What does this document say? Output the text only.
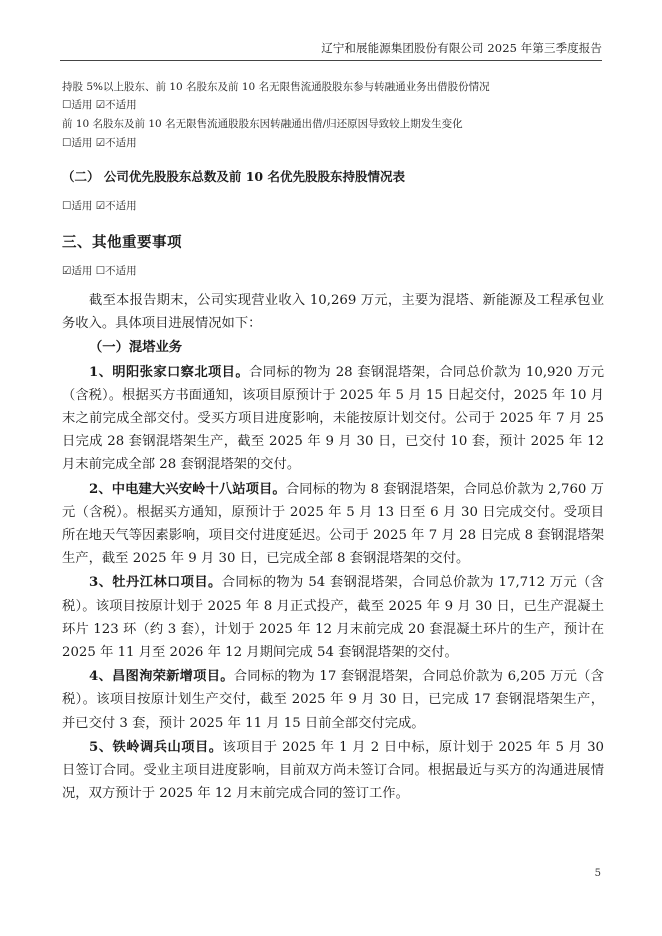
辽宁和展能源集团股份有限公司 2025 年第三季度报告
持股 5%以上股东、前 10 名股东及前 10 名无限售流通股股东参与转融通业务出借股份情况
☐适用 ☑不适用
前 10 名股东及前 10 名无限售流通股股东因转融通出借/归还原因导致较上期发生变化
☐适用 ☑不适用
（二） 公司优先股股东总数及前 10 名优先股股东持股情况表
☐适用 ☑不适用
三、其他重要事项
☑适用 ☐不适用

截至本报告期末，公司实现营业收入 10,269 万元，主要为混塔、新能源及工程承包业务收入。具体项目进展情况如下：

（一）混塔业务

1、明阳张家口察北项目。合同标的物为 28 套钢混塔架，合同总价款为 10,920 万元（含税）。根据买方书面通知，该项目原预计于 2025 年 5 月 15 日起交付，2025 年 10 月末之前完成全部交付。受买方项目进度影响，未能按原计划交付。公司于 2025 年 7 月 25 日完成 28 套钢混塔架生产，截至 2025 年 9 月 30 日，已交付 10 套，预计 2025 年 12 月末前完成全部 28 套钢混塔架的交付。

2、中电建大兴安岭十八站项目。合同标的物为 8 套钢混塔架，合同总价款为 2,760 万元（含税）。根据买方通知，原预计于 2025 年 5 月 13 日至 6 月 30 日完成交付。受项目所在地天气等因素影响，项目交付进度延迟。公司于 2025 年 7 月 28 日完成 8 套钢混塔架生产，截至 2025 年 9 月 30 日，已完成全部 8 套钢混塔架的交付。

3、牡丹江林口项目。合同标的物为 54 套钢混塔架，合同总价款为 17,712 万元（含税）。该项目按原计划于 2025 年 8 月正式投产，截至 2025 年 9 月 30 日，已生产混凝土环片 123 环（约 3 套），计划于 2025 年 12 月末前完成 20 套混凝土环片的生产，预计在 2025 年 11 月至 2026 年 12 月期间完成 54 套钢混塔架的交付。

4、昌图洵荣新增项目。合同标的物为 17 套钢混塔架，合同总价款为 6,205 万元（含税）。该项目按原计划生产交付，截至 2025 年 9 月 30 日，已完成 17 套钢混塔架生产，并已交付 3 套，预计 2025 年 11 月 15 日前全部交付完成。

5、铁岭调兵山项目。该项目于 2025 年 1 月 2 日中标，原计划于 2025 年 5 月 30 日签订合同。受业主项目进度影响，目前双方尚未签订合同。根据最近与买方的沟通进展情况，双方预计于 2025 年 12 月末前完成合同的签订工作。

5
